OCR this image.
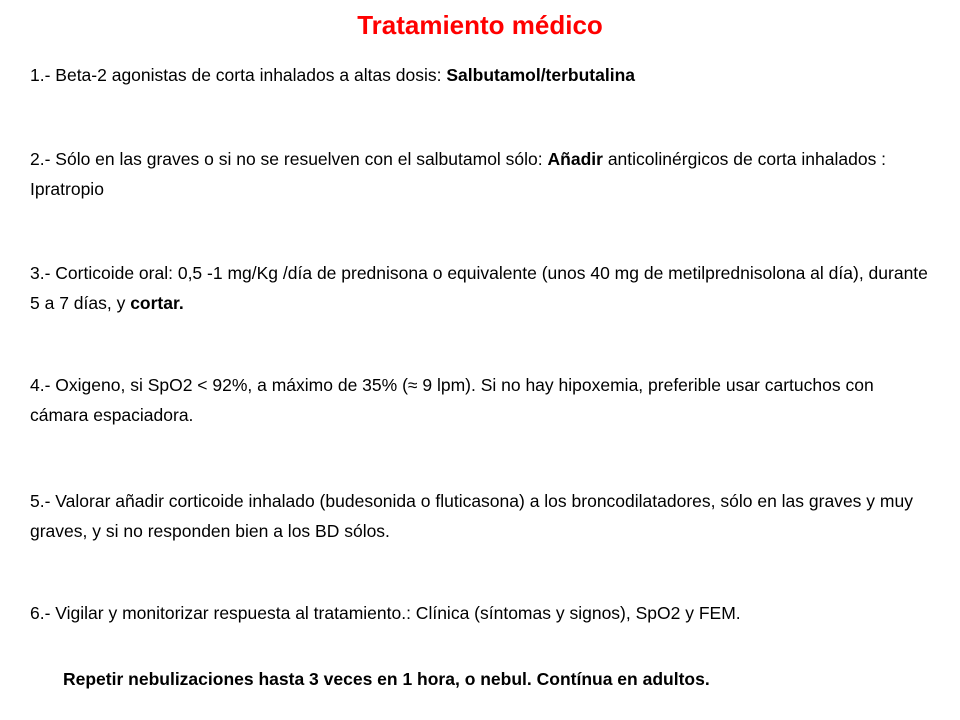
Tratamiento médico

1.- Beta-2 agonistas de corta inhalados a altas dosis: Salbutamol/terbutalina

2.- Sólo en las graves o si no se resuelven con el salbutamol sólo: Añadir anticolinérgicos de corta inhalados : Ipratropio

3.- Corticoide oral: 0,5 -1 mg/Kg /día de prednisona o equivalente (unos 40 mg de metilprednisolona al día), durante 5 a 7 días, y cortar.

4.- Oxigeno, si SpO2 < 92%, a máximo de 35% (≈ 9 lpm). Si no hay hipoxemia, preferible usar cartuchos con cámara espaciadora.

5.- Valorar añadir corticoide inhalado (budesonida o fluticasona) a los broncodilatadores, sólo en las graves y muy graves, y si no responden bien a los BD sólos.

6.- Vigilar y monitorizar respuesta al tratamiento.: Clínica (síntomas y signos), SpO2 y FEM.

Repetir nebulizaciones hasta 3 veces en 1 hora, o nebul. Contínua en adultos.
